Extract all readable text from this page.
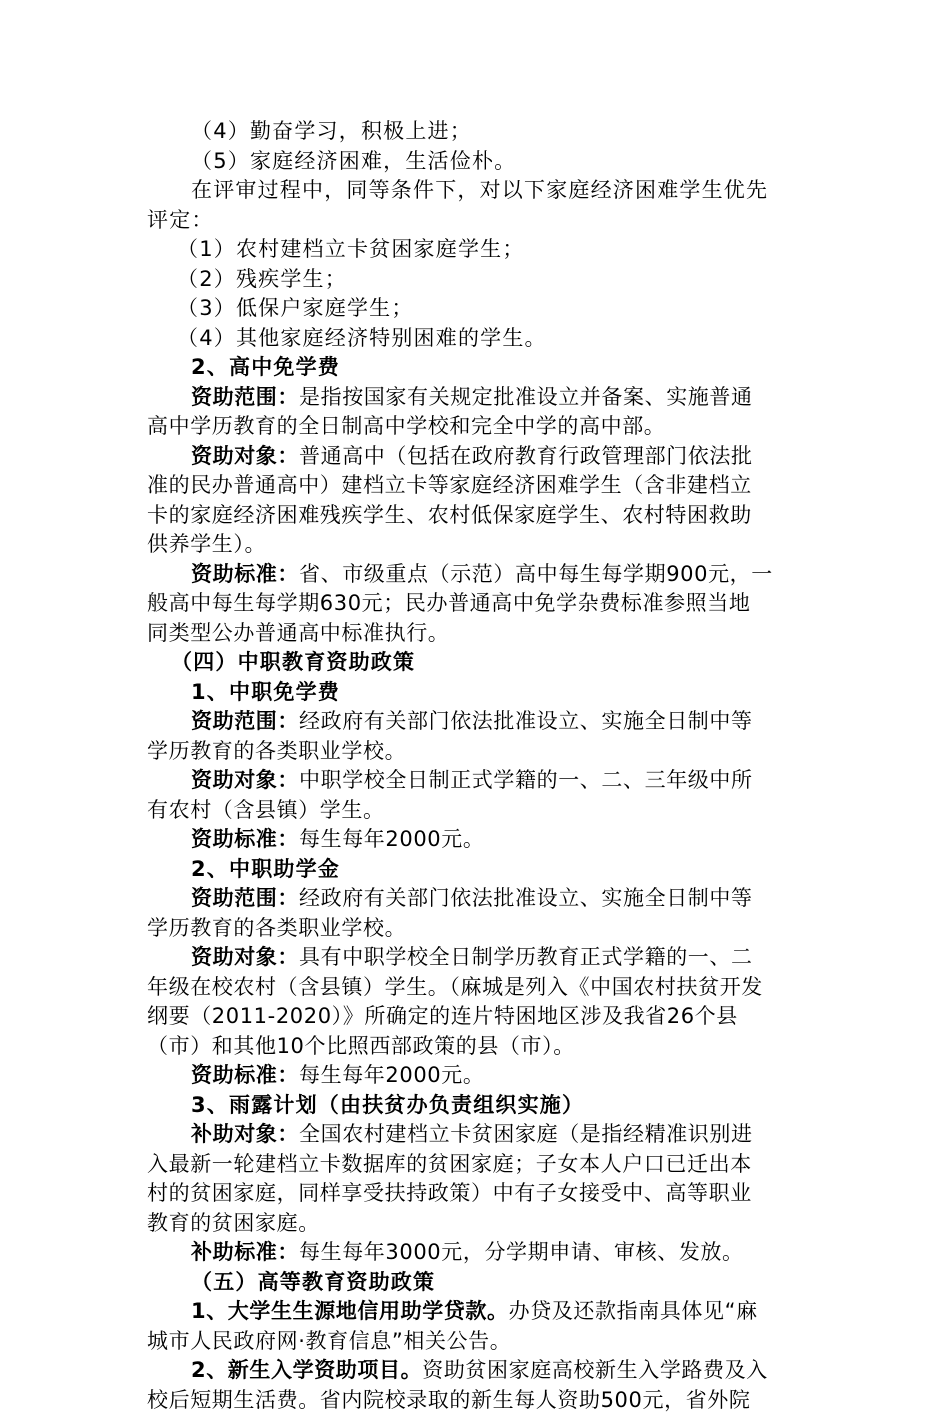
（4）勤奋学习，积极上进；

（5）家庭经济困难，生活俭朴。

在评审过程中，同等条件下，对以下家庭经济困难学生优先

评定：

（1）农村建档立卡贫困家庭学生；

（2）残疾学生；

（3）低保户家庭学生；

（4）其他家庭经济特别困难的学生。

2、高中免学费

资助范围：是指按国家有关规定批准设立并备案、实施普通

高中学历教育的全日制高中学校和完全中学的高中部。

资助对象：普通高中（包括在政府教育行政管理部门依法批

准的民办普通高中）建档立卡等家庭经济困难学生（含非建档立

卡的家庭经济困难残疾学生、农村低保家庭学生、农村特困救助

供养学生）。

资助标准：省、市级重点（示范）高中每生每学期900元，一

般高中每生每学期630元；民办普通高中免学杂费标准参照当地

同类型公办普通高中标准执行。

（四）中职教育资助政策

1、中职免学费

资助范围：经政府有关部门依法批准设立、实施全日制中等

学历教育的各类职业学校。

资助对象：中职学校全日制正式学籍的一、二、三年级中所

有农村（含县镇）学生。

资助标准：每生每年2000元。

2、中职助学金

资助范围：经政府有关部门依法批准设立、实施全日制中等

学历教育的各类职业学校。

资助对象：具有中职学校全日制学历教育正式学籍的一、二

年级在校农村（含县镇）学生。（麻城是列入《中国农村扶贫开发

纲要（2011-2020）》所确定的连片特困地区涉及我省26个县

（市）和其他10个比照西部政策的县（市）。

资助标准：每生每年2000元。

3、雨露计划（由扶贫办负责组织实施）

补助对象：全国农村建档立卡贫困家庭（是指经精准识别进

入最新一轮建档立卡数据库的贫困家庭；子女本人户口已迁出本

村的贫困家庭，同样享受扶持政策）中有子女接受中、高等职业

教育的贫困家庭。

补助标准：每生每年3000元，分学期申请、审核、发放。

（五）高等教育资助政策

1、大学生生源地信用助学贷款。办贷及还款指南具体见“麻

城市人民政府网·教育信息”相关公告。

2、新生入学资助项目。资助贫困家庭高校新生入学路费及入

校后短期生活费。省内院校录取的新生每人资助500元，省外院
